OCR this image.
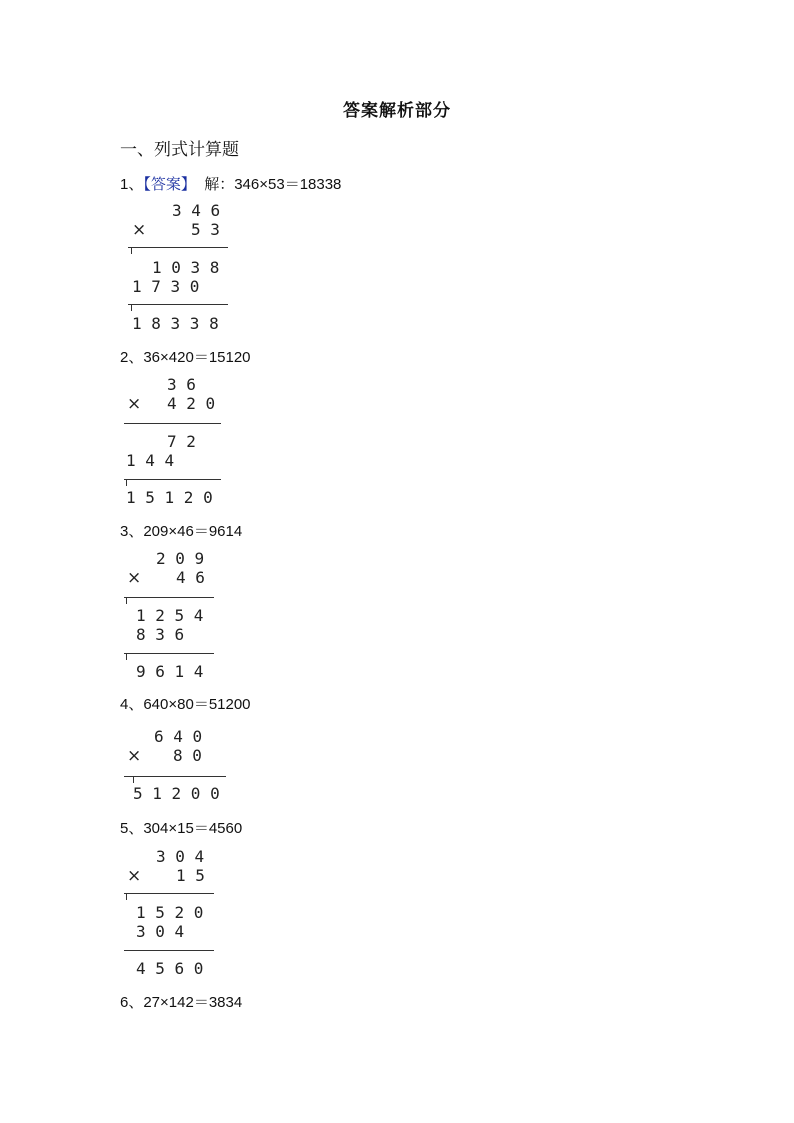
答案解析部分
一、列式计算题
1、【答案】 解：346×53＝18338
3 4 6
×	5 3
1 0 3 8
1 7 3 0
1 8 3 3 8
2、36×420＝15120
3 6
× 4 2 0
7 2
1 4 4
1 5 1 2 0
3、209×46＝9614
2 0 9
× 4 6
1 2 5 4
8 3 6
9 6 1 4
4、640×80＝51200
6 4 0
× 8 0
5 1 2 0 0
5、304×15＝4560
3 0 4
× 1 5
1 5 2 0
3 0 4
4 5 6 0
6、27×142＝3834
